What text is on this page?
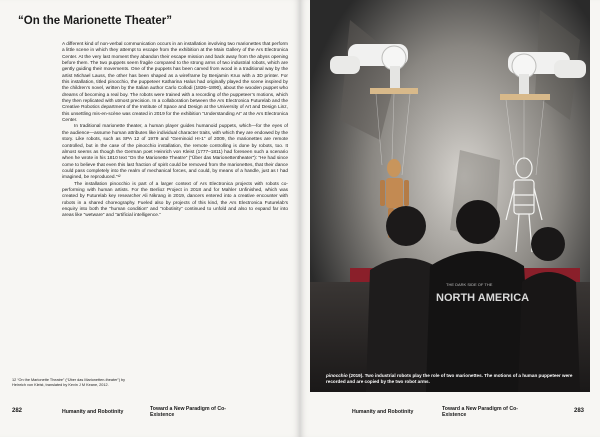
“On the Marionette Theater”

A different kind of non-verbal communication occurs in an installation involving two marionettes that perform a little scene in which they attempt to escape from the exhibition at the Main Gallery of the Ars Electronica Center. At the very last moment they abandon their escape mission and back away from the abyss opening before them. The two puppets seem fragile compared to the strong arms of two industrial robots, which are gently guiding their movements. One of the puppets has been carved from wood in a traditional way by the artist Michael Lauss, the other has been shaped as a wireframe by Benjamin Krux with a 3D printer. For this installation, titled pinocchio, the puppeteer Katharina Halus had originally played the scene inspired by the children’s novel, written by the Italian author Carlo Collodi (1826–1890), about the wooden puppet who dreams of becoming a real boy. The robots were trained with a recording of the puppeteer’s motions, which they then replicated with utmost precision. In a collaboration between the Ars Electronica Futurelab and the Creative Robotics department of the Institute of Space and Design at the University of Art and Design Linz, this unsettling mis-en-scène was created in 2019 for the exhibition “Understanding AI” at the Ars Electronica Center.

In traditional marionette theater, a human player guides humanoid puppets, which—for the eyes of the audience—assume human attributes like individual character traits, with which they are endowed by the story. Like robots, such as SPA 12 of 1979 and “Geminoid HI-1” of 2009, the marionettes are remote controlled, but in the case of the pinocchio installation, the remote controlling is done by robots, too. It almost seems as though the German poet Heinrich von Kleist (1777–1811) had foreseen such a scenario when he wrote in his 1810 text “On the Marionette Theatre” (“Über das Marionettentheater”): “He had since come to believe that even this last fraction of spirit could be removed from the marionettes, that their dance could pass completely into the realm of mechanical forces, and could, by means of a handle, just as I had imagined, be reproduced.”¹²

The installation pinocchio is part of a larger context of Ars Electronica projects with robots co-performing with human artists. For the Berlioz Project in 2018 and for Mahler Unfinished, which was created by Futurelab key researcher Ali Nikrang in 2019, dancers entered into a creative encounter with robots in a shared choreography. Fueled also by projects of this kind, the Ars Electronica Futurelab’s enquiry into both the “human condition” and “robotinity” continued to unfold and also to expand far into areas like “wetware” and “artificial intelligence.”

12 “On the Marionette Theatre” (“Über das Marionetten-theater”) by Heinrich von Kleist, translated by Kevin J M Keane, 2012.
282	Humanity and Robotinity	Toward a New Paradigm of Co-Existence
THE DARK SIDE OF THE
NORTH AMERICA
pinocchio (2019). Two industrial robots play the role of two marionettes. The motions of a human puppeteer were recorded and are copied by the two robot arms.
Humanity and Robotinity	Toward a New Paradigm of Co-Existence
283
